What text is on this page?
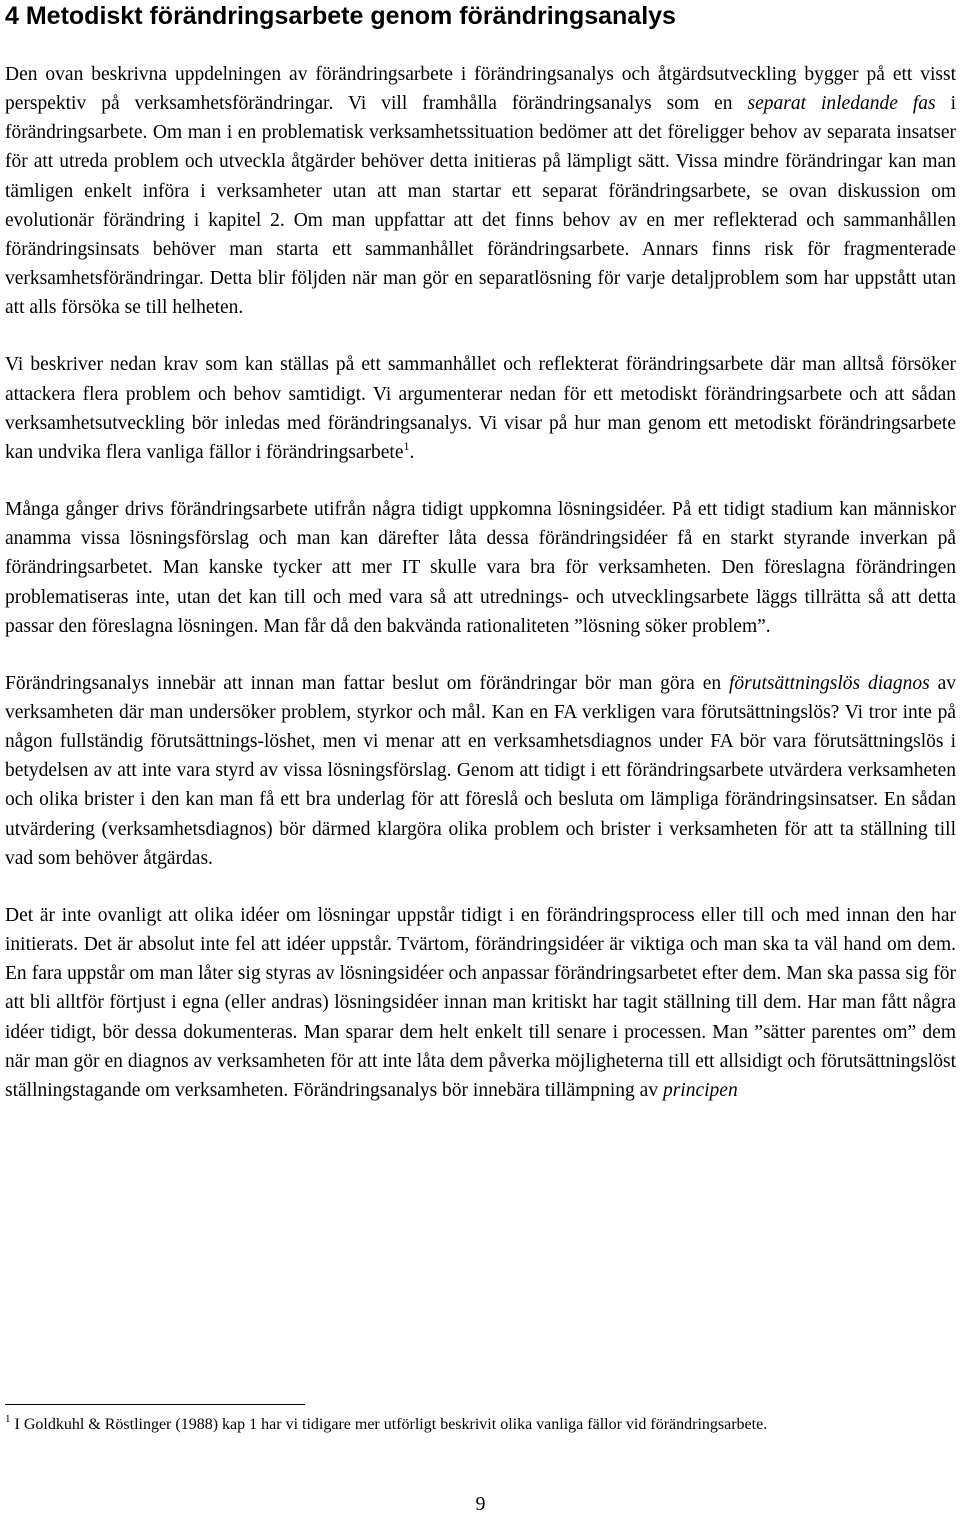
4 Metodiskt förändringsarbete genom förändringsanalys

Den ovan beskrivna uppdelningen av förändringsarbete i förändringsanalys och åtgärdsutveckling bygger på ett visst perspektiv på verksamhetsförändringar. Vi vill framhålla förändringsanalys som en separat inledande fas i förändringsarbete. Om man i en problematisk verksamhetssituation bedömer att det föreligger behov av separata insatser för att utreda problem och utveckla åtgärder behöver detta initieras på lämpligt sätt. Vissa mindre förändringar kan man tämligen enkelt införa i verksamheter utan att man startar ett separat förändringsarbete, se ovan diskussion om evolutionär förändring i kapitel 2. Om man uppfattar att det finns behov av en mer reflekterad och sammanhållen förändringsinsats behöver man starta ett sammanhållet förändringsarbete. Annars finns risk för fragmenterade verksamhetsförändringar. Detta blir följden när man gör en separatlösning för varje detaljproblem som har uppstått utan att alls försöka se till helheten.

Vi beskriver nedan krav som kan ställas på ett sammanhållet och reflekterat förändringsarbete där man alltså försöker attackera flera problem och behov samtidigt. Vi argumenterar nedan för ett metodiskt förändringsarbete och att sådan verksamhetsutveckling bör inledas med förändringsanalys. Vi visar på hur man genom ett metodiskt förändringsarbete kan undvika flera vanliga fällor i förändringsarbete$^1$.

Många gånger drivs förändringsarbete utifrån några tidigt uppkomna lösningsidéer. På ett tidigt stadium kan människor anamma vissa lösningsförslag och man kan därefter låta dessa förändringsidéer få en starkt styrande inverkan på förändringsarbetet. Man kanske tycker att mer IT skulle vara bra för verksamheten. Den föreslagna förändringen problematiseras inte, utan det kan till och med vara så att utrednings- och utvecklingsarbete läggs tillrätta så att detta passar den föreslagna lösningen. Man får då den bakvända rationaliteten ”lösning söker problem”.

Förändringsanalys innebär att innan man fattar beslut om förändringar bör man göra en förutsättningslös diagnos av verksamheten där man undersöker problem, styrkor och mål. Kan en FA verkligen vara förutsättningslös? Vi tror inte på någon fullständig förutsättnings-löshet, men vi menar att en verksamhetsdiagnos under FA bör vara förutsättningslös i betydelsen av att inte vara styrd av vissa lösningsförslag. Genom att tidigt i ett förändringsarbete utvärdera verksamheten och olika brister i den kan man få ett bra underlag för att föreslå och besluta om lämpliga förändringsinsatser. En sådan utvärdering (verksamhetsdiagnos) bör därmed klargöra olika problem och brister i verksamheten för att ta ställning till vad som behöver åtgärdas.

Det är inte ovanligt att olika idéer om lösningar uppstår tidigt i en förändringsprocess eller till och med innan den har initierats. Det är absolut inte fel att idéer uppstår. Tvärtom, förändringsidéer är viktiga och man ska ta väl hand om dem. En fara uppstår om man låter sig styras av lösningsidéer och anpassar förändringsarbetet efter dem. Man ska passa sig för att bli alltför förtjust i egna (eller andras) lösningsidéer innan man kritiskt har tagit ställning till dem. Har man fått några idéer tidigt, bör dessa dokumenteras. Man sparar dem helt enkelt till senare i processen. Man ”sätter parentes om” dem när man gör en diagnos av verksamheten för att inte låta dem påverka möjligheterna till ett allsidigt och förutsättningslöst ställningstagande om verksamheten. Förändringsanalys bör innebära tillämpning av principen

$^1$ I Goldkuhl & Röstlinger (1988) kap 1 har vi tidigare mer utförligt beskrivit olika vanliga fällor vid förändringsarbete.
9
